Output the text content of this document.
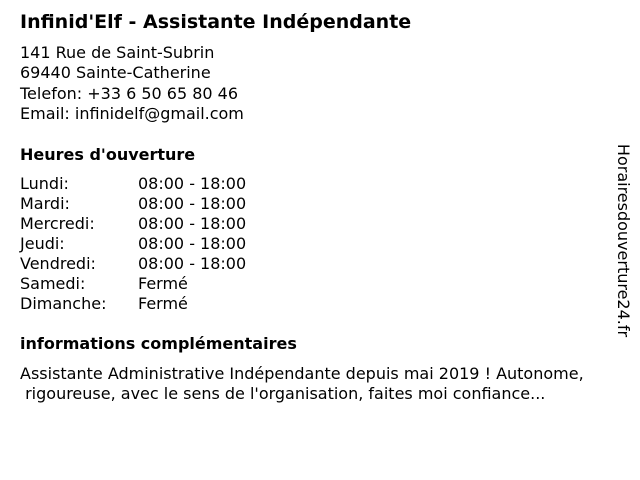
Infinid'Elf - Assistante Indépendante
141 Rue de Saint-Subrin
69440 Sainte-Catherine
Telefon: +33 6 50 65 80 46
Email: infinidelf@gmail.com
Heures d'ouverture
Lundi:	08:00 - 18:00
Mardi:	08:00 - 18:00
Mercredi:	08:00 - 18:00
Jeudi:	08:00 - 18:00
Vendredi:	08:00 - 18:00
Samedi:	Fermé
Dimanche: Fermé
informations complémentaires
Assistante Administrative Indépendante depuis mai 2019 ! Autonome,
rigoureuse, avec le sens de l'organisation, faites moi confiance...
Horairesdouverture24.fr
